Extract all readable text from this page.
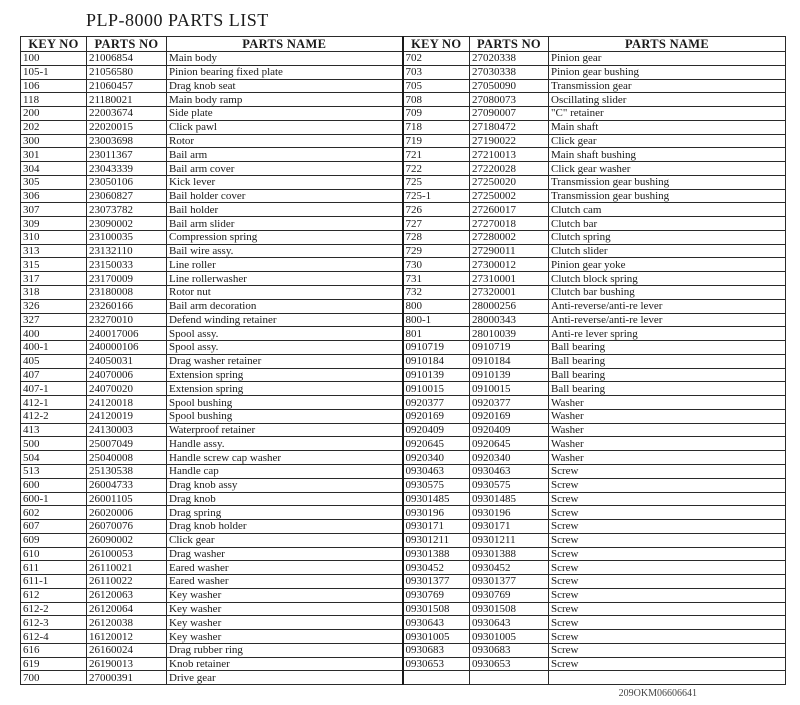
PLP-8000 PARTS LIST
KEY NO	PARTS NO	PARTS NAME	KEY NO	PARTS NO	PARTS NAME
100	21006854	Main body	702	27020338	Pinion gear
105-1	21056580	Pinion bearing fixed plate	703	27030338	Pinion gear bushing
106	21060457	Drag knob seat	705	27050090	Transmission gear
118	21180021	Main body ramp	708	27080073	Oscillating slider
200	22003674	Side plate	709	27090007	"C" retainer
202	22020015	Click pawl	718	27180472	Main shaft
300	23003698	Rotor	719	27190022	Click gear
301	23011367	Bail arm	721	27210013	Main shaft bushing
304	23043339	Bail arm cover	722	27220028	Click gear washer
305	23050106	Kick lever	725	27250020	Transmission gear bushing
306	23060827	Bail holder cover	725-1	27250002	Transmission gear bushing
307	23073782	Bail holder	726	27260017	Clutch cam
309	23090002	Bail arm slider	727	27270018	Clutch bar
310	23100035	Compression spring	728	27280002	Clutch spring
313	23132110	Bail wire assy.	729	27290011	Clutch slider
315	23150033	Line roller	730	27300012	Pinion gear yoke
317	23170009	Line rollerwasher	731	27310001	Clutch block spring
318	23180008	Rotor nut	732	27320001	Clutch bar bushing
326	23260166	Bail arm decoration	800	28000256	Anti-reverse/anti-re lever
327	23270010	Defend winding retainer	800-1	28000343	Anti-reverse/anti-re lever
400	240017006	Spool assy.	801	28010039	Anti-re lever spring
400-1	240000106	Spool assy.	0910719	0910719	Ball bearing
405	24050031	Drag washer retainer	0910184	0910184	Ball bearing
407	24070006	Extension spring	0910139	0910139	Ball bearing
407-1	24070020	Extension spring	0910015	0910015	Ball bearing
412-1	24120018	Spool bushing	0920377	0920377	Washer
412-2	24120019	Spool bushing	0920169	0920169	Washer
413	24130003	Waterproof retainer	0920409	0920409	Washer
500	25007049	Handle assy.	0920645	0920645	Washer
504	25040008	Handle screw cap washer	0920340	0920340	Washer
513	25130538	Handle cap	0930463	0930463	Screw
600	26004733	Drag knob assy	0930575	0930575	Screw
600-1	26001105	Drag knob	09301485	09301485	Screw
602	26020006	Drag spring	0930196	0930196	Screw
607	26070076	Drag knob holder	0930171	0930171	Screw
609	26090002	Click gear	09301211	09301211	Screw
610	26100053	Drag washer	09301388	09301388	Screw
611	26110021	Eared washer	0930452	0930452	Screw
611-1	26110022	Eared washer	09301377	09301377	Screw
612	26120063	Key washer	0930769	0930769	Screw
612-2	26120064	Key washer	09301508	09301508	Screw
612-3	26120038	Key washer	0930643	0930643	Screw
612-4	16120012	Key washer	09301005	09301005	Screw
616	26160024	Drag rubber ring	0930683	0930683	Screw
619	26190013	Knob retainer	0930653	0930653	Screw
700	27000391	Drive gear			
209OKM06606641
